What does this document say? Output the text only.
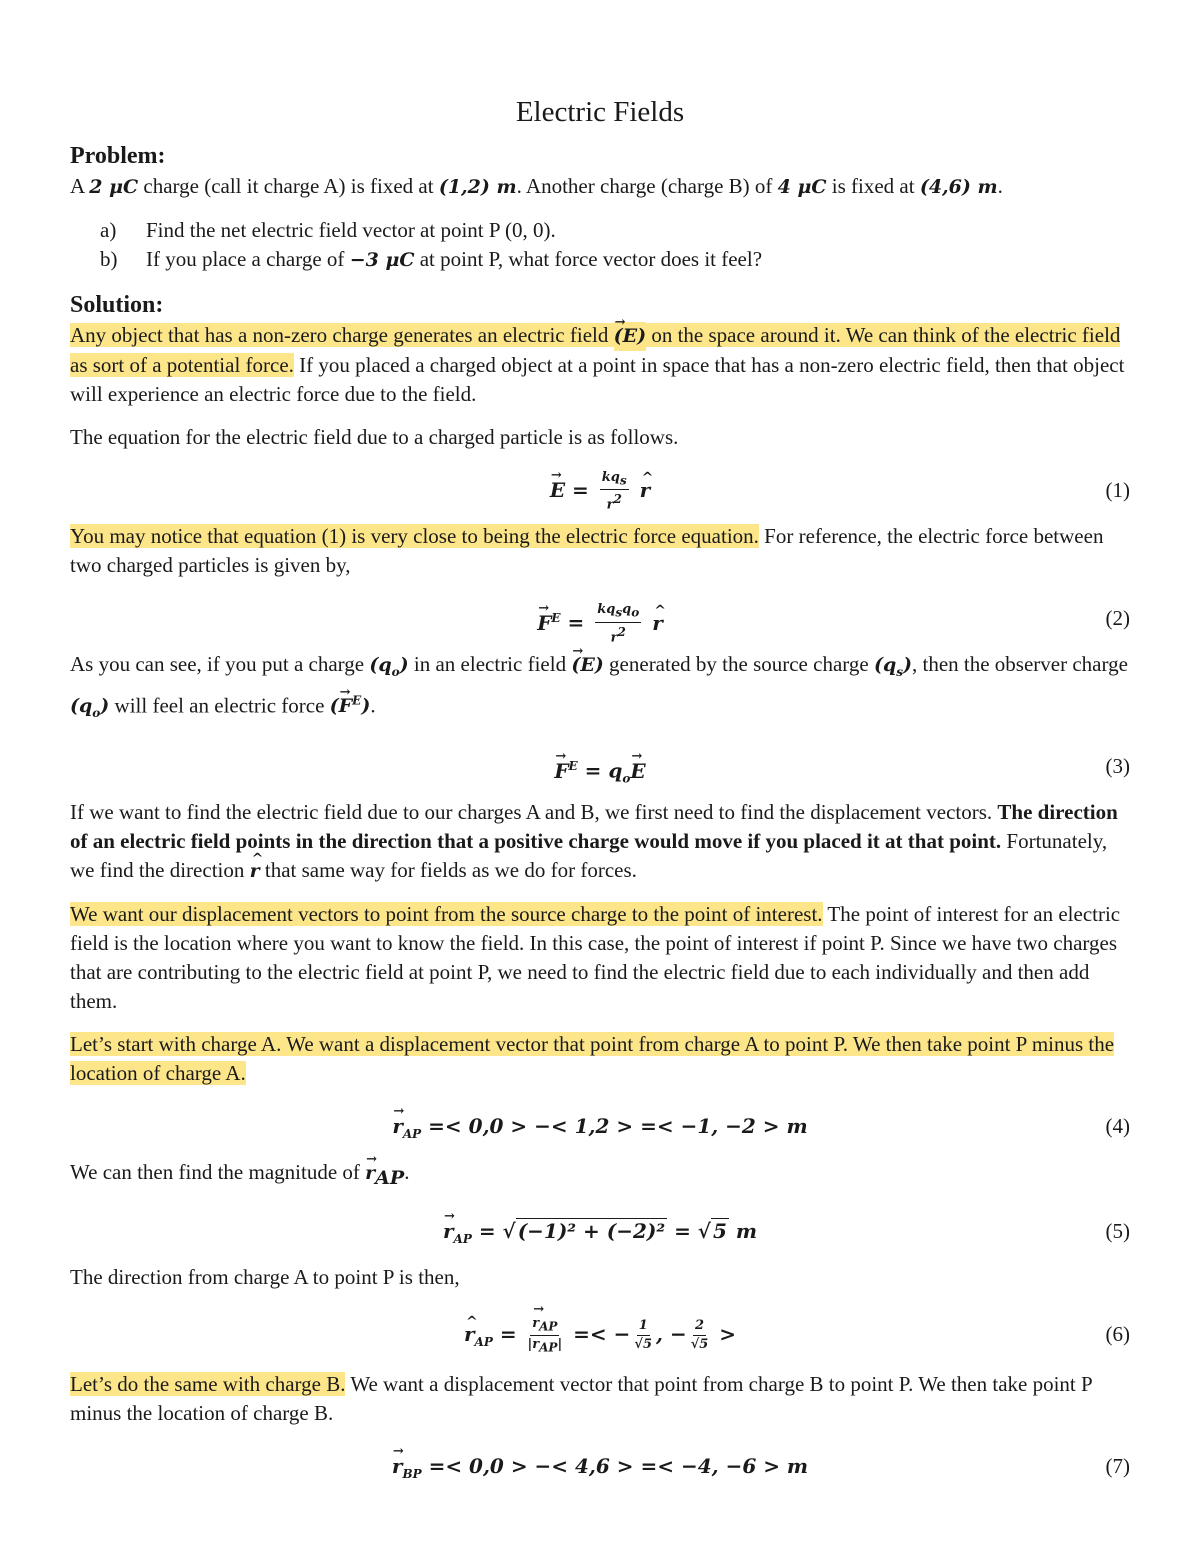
Electric Fields
Problem:
A 2 μC charge (call it charge A) is fixed at (1,2) m. Another charge (charge B) of 4 μC is fixed at (4,6) m.
a)	Find the net electric field vector at point P (0, 0).
b)	If you place a charge of −3 μC at point P, what force vector does it feel?
Solution:
Any object that has a non-zero charge generates an electric field → (E) on the space around it. We can think of the electric field as sort of a potential force. If you placed a charged object at a point in space that has a non-zero electric field, then that object will experience an electric force due to the field.
The equation for the electric field due to a charged particle is as follows.
→ $E = \frac{kq_s}{r^2}$ ^ r	(1)
You may notice that equation (1) is very close to being the electric force equation. For reference, the electric force between two charged particles is given by,
→ $F^E = \frac{kq_sq_o}{r^2}$ ^ r	(2)
As you can see, if you put a charge $(q_o)$ in an electric field → (E) generated by the source charge $(q_s)$, then the observer charge $(q_o)$ will feel an electric force (→ $F^E$).
→ $F^E = q_o\to E$	(3)
If we want to find the electric field due to our charges A and B, we first need to find the displacement vectors. The direction of an electric field points in the direction that a positive charge would move if you placed it at that point. Fortunately, we find the direction ^ r that same way for fields as we do for forces.
We want our displacement vectors to point from the source charge to the point of interest. The point of interest for an electric field is the location where you want to know the field. In this case, the point of interest if point P. Since we have two charges that are contributing to the electric field at point P, we need to find the electric field due to each individually and then add them.
Let’s start with charge A. We want a displacement vector that point from charge A to point P. We then take point P minus the location of charge A.
→ $r_{AP} =< 0,0$ > −< 1,2 > =< −1, −2 > m	(4)
We can then find the magnitude of → $r_{AP}$.
→ $r_{AP}$ = √ (−1)² + (−2)² = √ 5 m	(5)
The direction from charge A to point P is then,
^ $r_{AP}$ = → $\frac{r_{AP}}{|r_{AP}|}$ =< − $\frac{1}{√5}$ , − $\frac{2}{√5}$ >	(6)
Let’s do the same with charge B. We want a displacement vector that point from charge B to point P. We then take point P minus the location of charge B.
→ $r_{BP} =< 0,0$ > −< 4,6 > =< −4, −6 > m	(7)
